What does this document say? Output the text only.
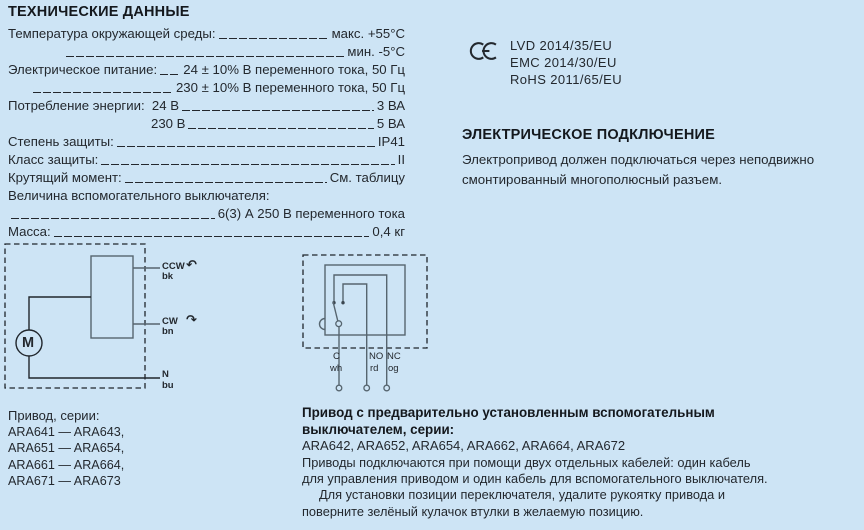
ТЕХНИЧЕСКИЕ ДАННЫЕ
Температура окружающей среды:	макс. +55°C
мин. -5°C
Электрическое питание: 24 ± 10% В переменного тока, 50 Гц
230 ± 10% В переменного тока, 50 Гц
Потребление энергии:  24 В	3 ВА
230 В	5 ВА
Степень защиты:	IP41
Класс защиты:	II
Крутящий момент:	См. таблицу
Величина вспомогательного выключателя:
6(3) А 250 В переменного тока
Масса:	0,4 кг
LVD 2014/35/EU
EMC 2014/30/EU
RoHS 2011/65/EU
ЭЛЕКТРИЧЕСКОЕ ПОДКЛЮЧЕНИЕ

Электропривод должен подключаться через неподвижно смонтированный многополюсный разъем.

M
CCW ↶
bk
CW ↷
bn
N
bu
C
wh
NO
rd
NC
og
Привод, серии:
ARA641 — ARA643,
ARA651 — ARA654,
ARA661 — ARA664,
ARA671 — ARA673
Привод с предварительно установленным вспомогательным выключателем, серии:
ARA642, ARA652, ARA654, ARA662, ARA664, ARA672

Приводы подключаются при помощи двух отдельных кабелей: один кабель для управления приводом и один кабель для вспомогательного выключателя.

Для установки позиции переключателя, удалите рукоятку привода и поверните зелёный кулачок втулки в желаемую позицию.
